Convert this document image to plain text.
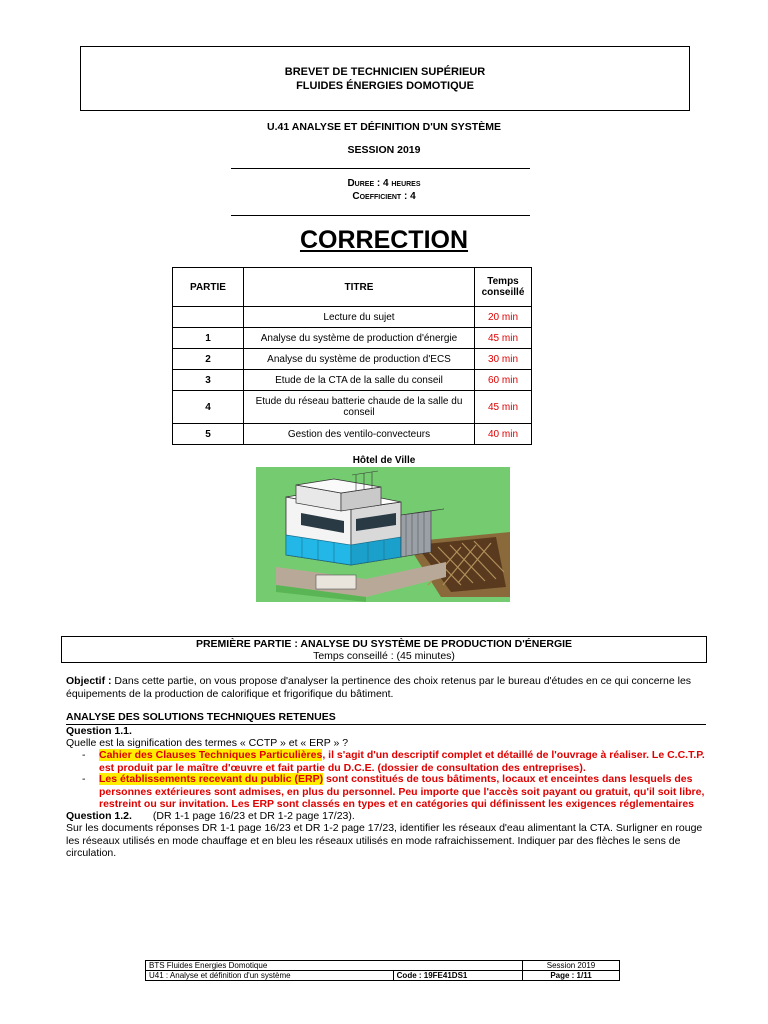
BREVET DE TECHNICIEN SUPÉRIEUR
FLUIDES ÉNERGIES DOMOTIQUE
U.41 ANALYSE ET DÉFINITION D'UN SYSTÈME
SESSION 2019
Duree : 4 heures
Coefficient : 4
CORRECTION
PARTIE	TITRE	Temps conseillé
	Lecture du sujet	20 min
1	Analyse du système de production d'énergie	45 min
2	Analyse du système de production d'ECS	30 min
3	Etude de la CTA de la salle du conseil	60 min
4	Etude du réseau batterie chaude de la salle du conseil	45 min
5	Gestion des ventilo-convecteurs	40 min
Hôtel de Ville
PREMIÈRE PARTIE : ANALYSE DU SYSTÈME DE PRODUCTION D'ÉNERGIE
Temps conseillé : (45 minutes)
Objectif : Dans cette partie, on vous propose d'analyser la pertinence des choix retenus par le bureau d'études en ce qui concerne les équipements de la production de calorifique et frigorifique du bâtiment.
ANALYSE DES SOLUTIONS TECHNIQUES RETENUES
Question 1.1.
Quelle est la signification des termes « CCTP » et « ERP » ?
- Cahier des Clauses Techniques Particulières, il s'agit d'un descriptif complet et détaillé de l'ouvrage à réaliser. Le C.C.T.P. est produit par le maître d'œuvre et fait partie du D.C.E. (dossier de consultation des entreprises).
- Les établissements recevant du public (ERP) sont constitués de tous bâtiments, locaux et enceintes dans lesquels des personnes extérieures sont admises, en plus du personnel. Peu importe que l'accès soit payant ou gratuit, qu'il soit libre, restreint ou sur invitation. Les ERP sont classés en types et en catégories qui définissent les exigences réglementaires
Question 1.2. (DR 1-1 page 16/23 et DR 1-2 page 17/23).
Sur les documents réponses DR 1-1 page 16/23 et DR 1-2 page 17/23, identifier les réseaux d'eau alimentant la CTA. Surligner en rouge les réseaux utilisés en mode chauffage et en bleu les réseaux utilisés en mode rafraichissement. Indiquer par des flèches le sens de circulation.
BTS Fluides Energies Domotique		Session 2019
U41 : Analyse et définition d'un système	Code : 19FE41DS1	Page : 1/11
